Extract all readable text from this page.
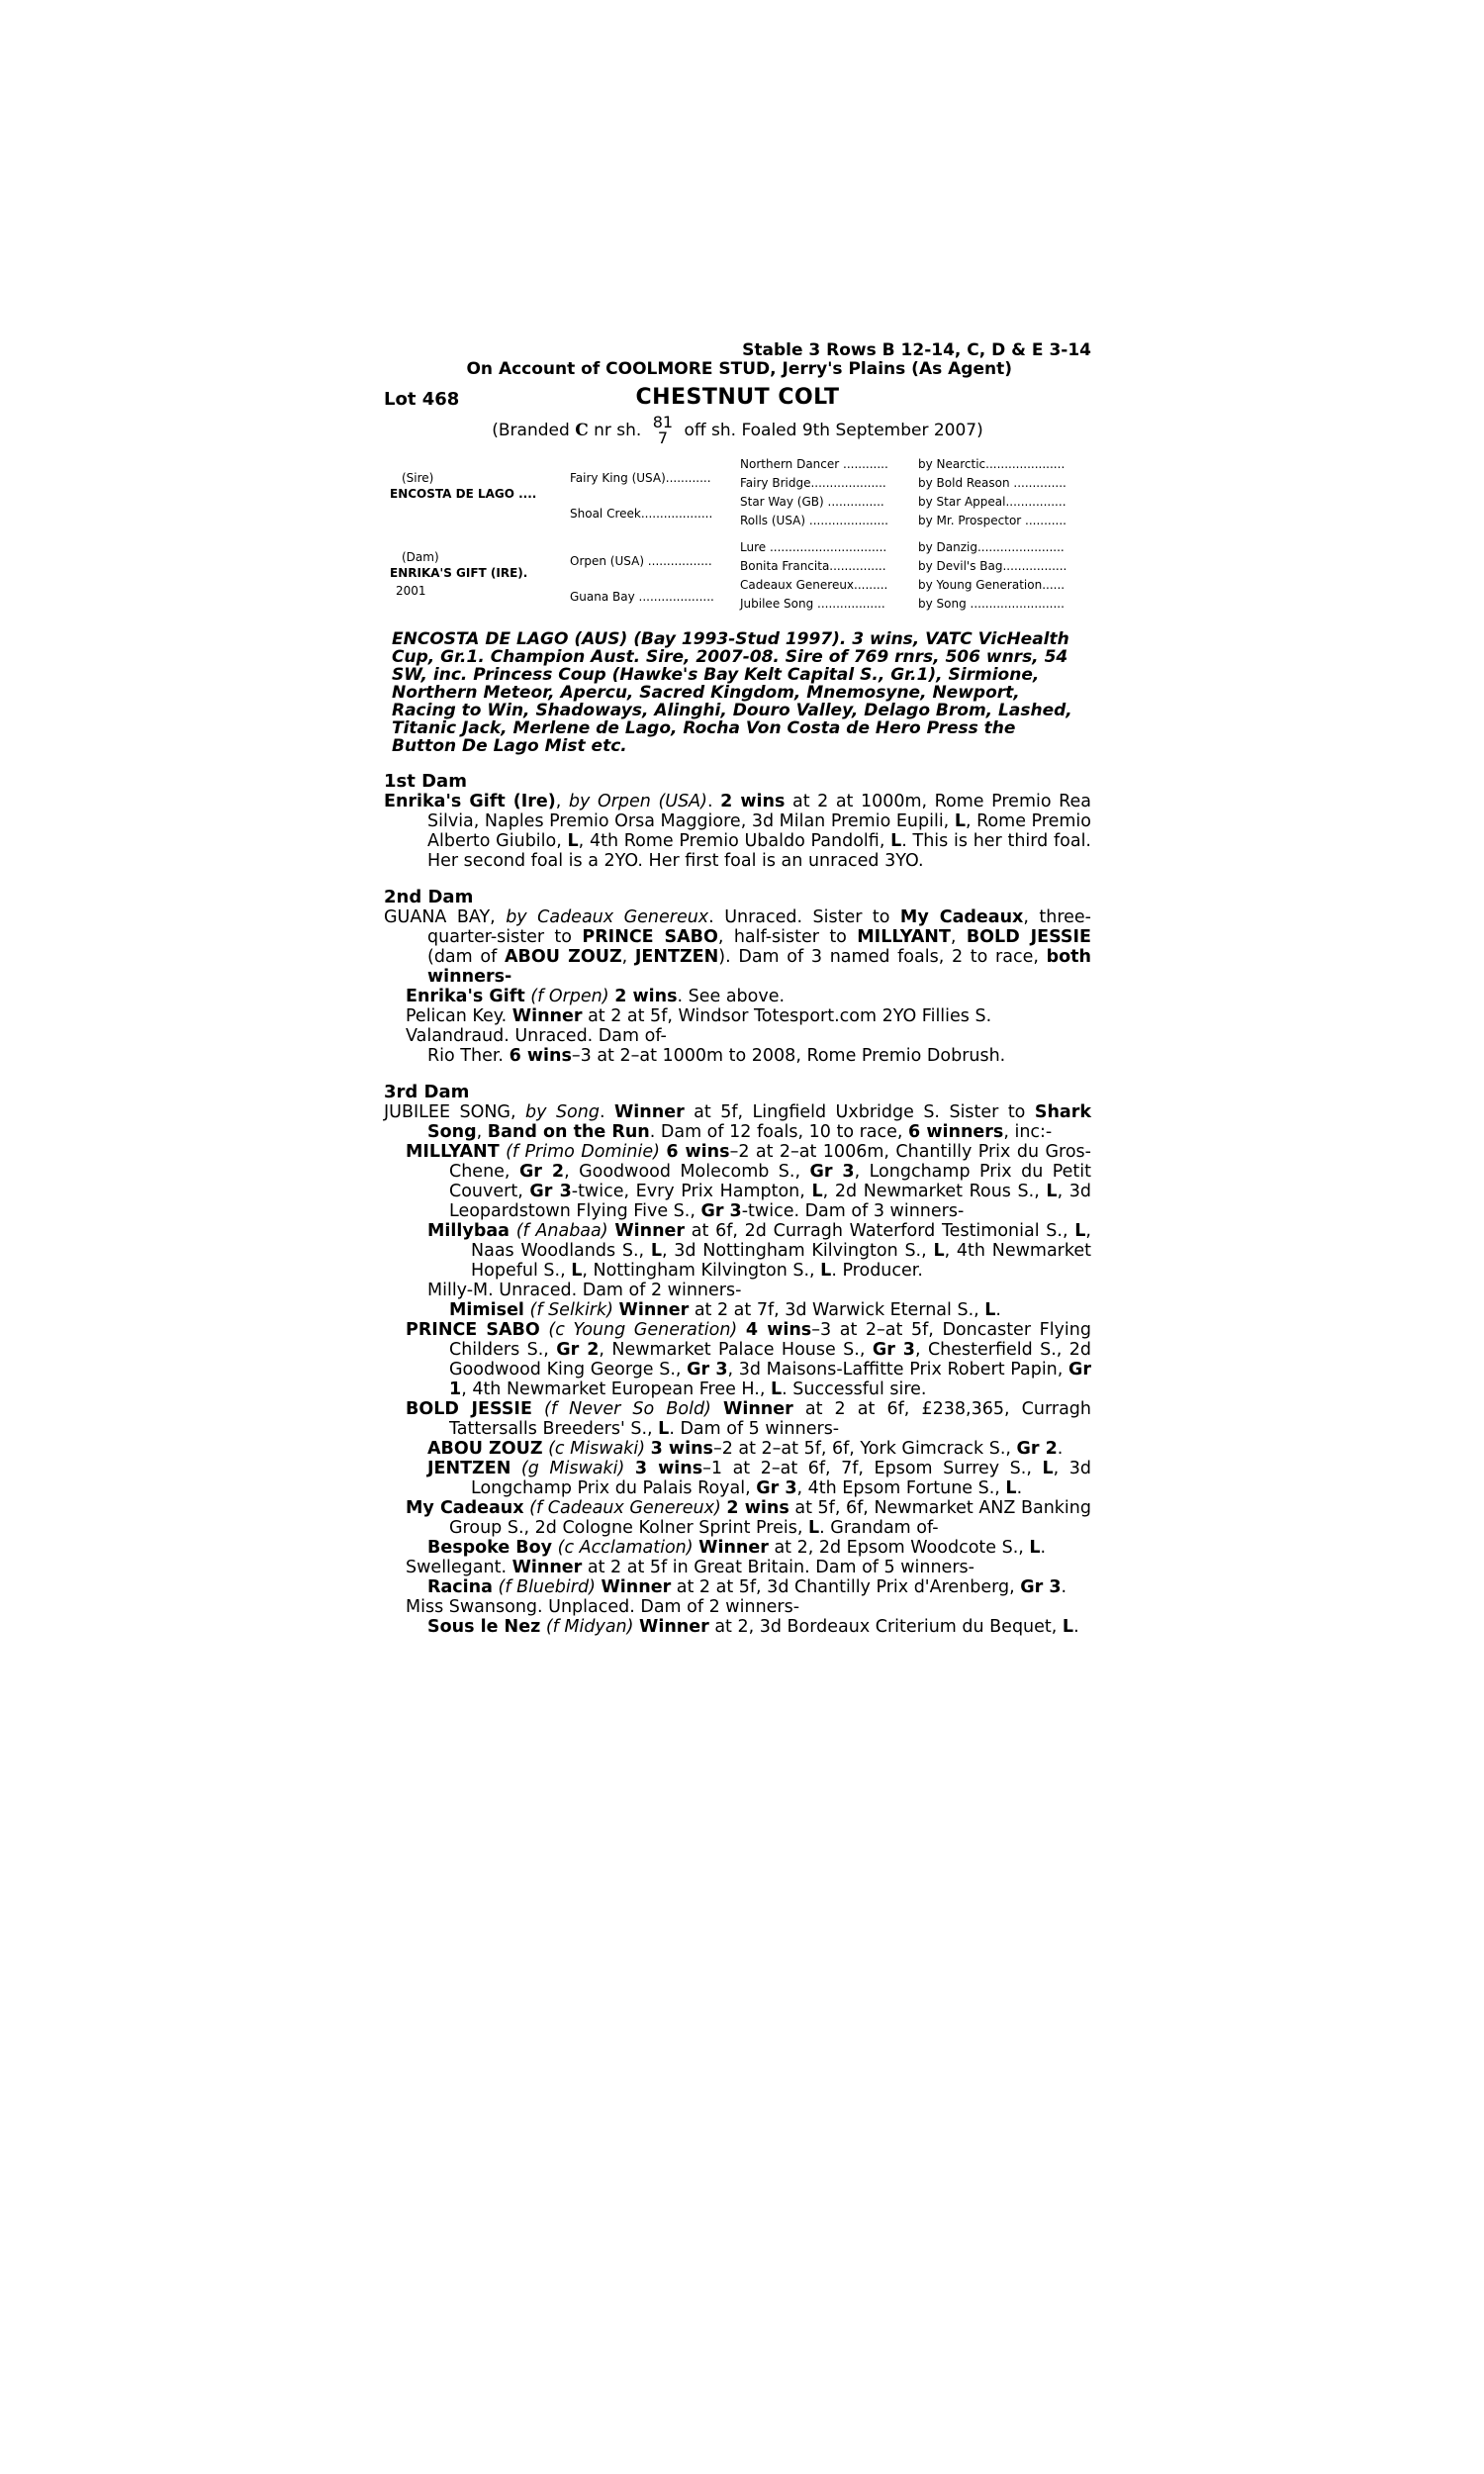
Stable 3 Rows B 12-14, C, D & E 3-14
On Account of COOLMORE STUD, Jerry's Plains (As Agent)
Lot 468	CHESTNUT COLT
(Branded C nr sh. 81
7 off sh. Foaled 9th September 2007)
(Sire)
ENCOSTA DE LAGO ....
(Dam)
ENRIKA'S GIFT (IRE).
2001
Fairy King (USA)............
Shoal Creek...................
Orpen (USA) .................
Guana Bay ....................
Northern Dancer ............
Fairy Bridge....................
Star Way (GB) ...............
Rolls (USA) .....................
Lure ...............................
Bonita Francita...............
Cadeaux Genereux.........
Jubilee Song ..................
by Nearctic.....................
by Bold Reason ..............
by Star Appeal................
by Mr. Prospector ...........
by Danzig.......................
by Devil's Bag.................
by Young Generation......
by Song .........................
ENCOSTA DE LAGO (AUS) (Bay 1993-Stud 1997). 3 wins, VATC VicHealth Cup, Gr.1. Champion Aust. Sire, 2007-08. Sire of 769 rnrs, 506 wnrs, 54 SW, inc. Princess Coup (Hawke's Bay Kelt Capital S., Gr.1), Sirmione, Northern Meteor, Apercu, Sacred Kingdom, Mnemosyne, Newport, Racing to Win, Shadoways, Alinghi, Douro Valley, Delago Brom, Lashed, Titanic Jack, Merlene de Lago, Rocha Von Costa de Hero Press the Button De Lago Mist etc.
1st Dam
Enrika's Gift (Ire), by Orpen (USA). 2 wins at 2 at 1000m, Rome Premio Rea Silvia, Naples Premio Orsa Maggiore, 3d Milan Premio Eupili, L, Rome Premio Alberto Giubilo, L, 4th Rome Premio Ubaldo Pandolfi, L. This is her third foal. Her second foal is a 2YO. Her first foal is an unraced 3YO.
2nd Dam
GUANA BAY, by Cadeaux Genereux. Unraced. Sister to My Cadeaux, three-quarter-sister to PRINCE SABO, half-sister to MILLYANT, BOLD JESSIE (dam of ABOU ZOUZ, JENTZEN). Dam of 3 named foals, 2 to race, both winners-
Enrika's Gift (f Orpen) 2 wins. See above.
Pelican Key. Winner at 2 at 5f, Windsor Totesport.com 2YO Fillies S.
Valandraud. Unraced. Dam of-
Rio Ther. 6 wins–3 at 2–at 1000m to 2008, Rome Premio Dobrush.
3rd Dam
JUBILEE SONG, by Song. Winner at 5f, Lingfield Uxbridge S. Sister to Shark Song, Band on the Run. Dam of 12 foals, 10 to race, 6 winners, inc:-
MILLYANT (f Primo Dominie) 6 wins–2 at 2–at 1006m, Chantilly Prix du Gros-Chene, Gr 2, Goodwood Molecomb S., Gr 3, Longchamp Prix du Petit Couvert, Gr 3-twice, Evry Prix Hampton, L, 2d Newmarket Rous S., L, 3d Leopardstown Flying Five S., Gr 3-twice. Dam of 3 winners-
Millybaa (f Anabaa) Winner at 6f, 2d Curragh Waterford Testimonial S., L, Naas Woodlands S., L, 3d Nottingham Kilvington S., L, 4th Newmarket Hopeful S., L, Nottingham Kilvington S., L. Producer.
Milly-M. Unraced. Dam of 2 winners-
Mimisel (f Selkirk) Winner at 2 at 7f, 3d Warwick Eternal S., L.
PRINCE SABO (c Young Generation) 4 wins–3 at 2–at 5f, Doncaster Flying Childers S., Gr 2, Newmarket Palace House S., Gr 3, Chesterfield S., 2d Goodwood King George S., Gr 3, 3d Maisons-Laffitte Prix Robert Papin, Gr 1, 4th Newmarket European Free H., L. Successful sire.
BOLD JESSIE (f Never So Bold) Winner at 2 at 6f, £238,365, Curragh Tattersalls Breeders' S., L. Dam of 5 winners-
ABOU ZOUZ (c Miswaki) 3 wins–2 at 2–at 5f, 6f, York Gimcrack S., Gr 2.
JENTZEN (g Miswaki) 3 wins–1 at 2–at 6f, 7f, Epsom Surrey S., L, 3d Longchamp Prix du Palais Royal, Gr 3, 4th Epsom Fortune S., L.
My Cadeaux (f Cadeaux Genereux) 2 wins at 5f, 6f, Newmarket ANZ Banking Group S., 2d Cologne Kolner Sprint Preis, L. Grandam of-
Bespoke Boy (c Acclamation) Winner at 2, 2d Epsom Woodcote S., L.
Swellegant. Winner at 2 at 5f in Great Britain. Dam of 5 winners-
Racina (f Bluebird) Winner at 2 at 5f, 3d Chantilly Prix d'Arenberg, Gr 3.
Miss Swansong. Unplaced. Dam of 2 winners-
Sous le Nez (f Midyan) Winner at 2, 3d Bordeaux Criterium du Bequet, L.
